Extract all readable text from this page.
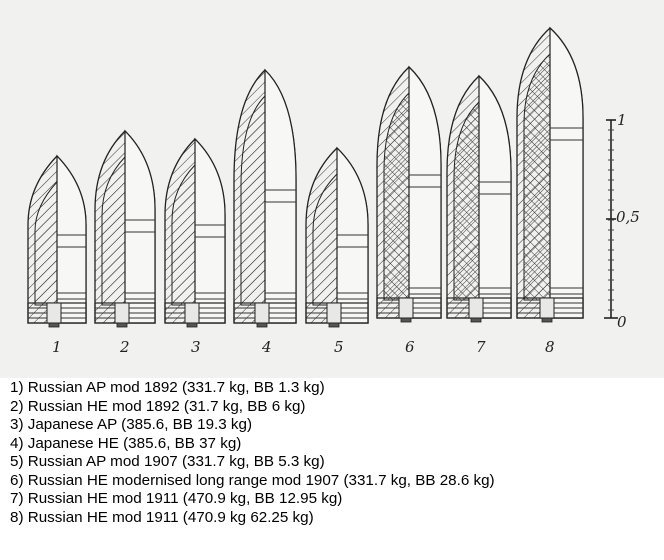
1	2	3	4	5	6	7	8
1
0,5
0
1) Russian AP mod 1892 (331.7 kg, BB 1.3 kg)
2) Russian HE mod 1892 (31.7 kg, BB 6 kg)
3) Japanese AP (385.6, BB 19.3 kg)
4) Japanese HE (385.6, BB 37 kg)
5) Russian AP mod 1907 (331.7 kg, BB 5.3 kg)
6) Russian HE modernised long range mod 1907 (331.7 kg, BB 28.6 kg)
7) Russian HE mod 1911 (470.9 kg, BB 12.95 kg)
8) Russian HE mod 1911 (470.9 kg 62.25 kg)
